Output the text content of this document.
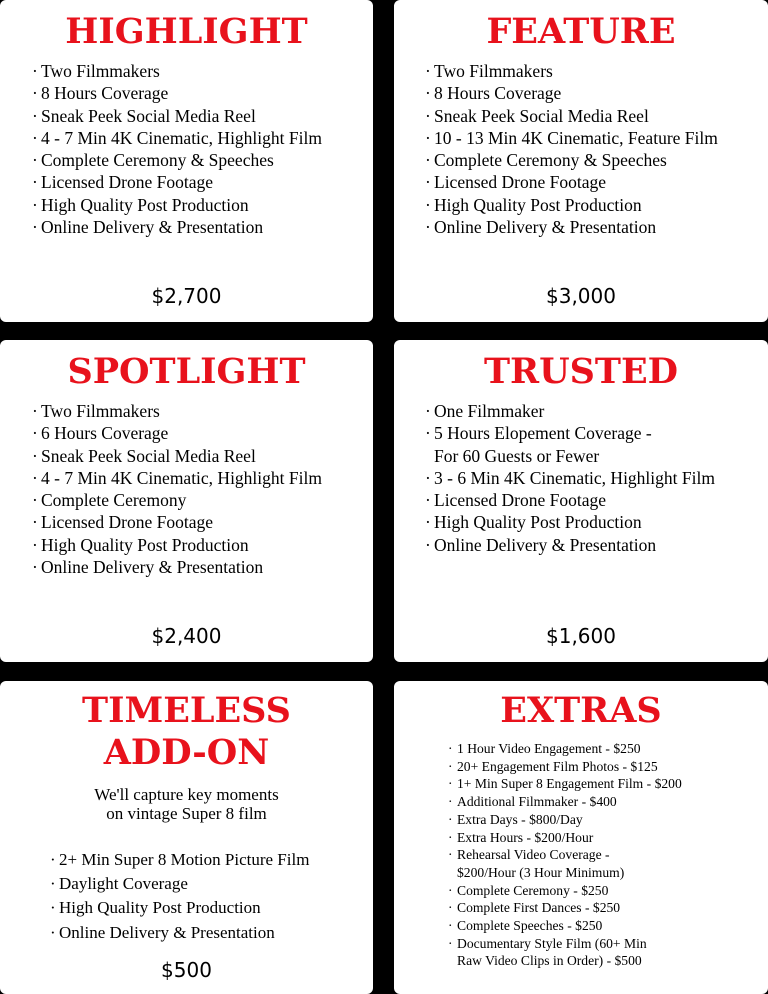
HIGHLIGHT
· Two Filmmakers
· 8 Hours Coverage
· Sneak Peek Social Media Reel
· 4 - 7 Min 4K Cinematic, Highlight Film
· Complete Ceremony & Speeches
· Licensed Drone Footage
· High Quality Post Production
· Online Delivery & Presentation
$2,700
FEATURE
· Two Filmmakers
· 8 Hours Coverage
· Sneak Peek Social Media Reel
· 10 - 13 Min 4K Cinematic, Feature Film
· Complete Ceremony & Speeches
· Licensed Drone Footage
· High Quality Post Production
· Online Delivery & Presentation
$3,000
SPOTLIGHT
· Two Filmmakers
· 6 Hours Coverage
· Sneak Peek Social Media Reel
· 4 - 7 Min 4K Cinematic, Highlight Film
· Complete Ceremony
· Licensed Drone Footage
· High Quality Post Production
· Online Delivery & Presentation
$2,400
TRUSTED
· One Filmmaker
· 5 Hours Elopement Coverage -
For 60 Guests or Fewer
· 3 - 6 Min 4K Cinematic, Highlight Film
· Licensed Drone Footage
· High Quality Post Production
· Online Delivery & Presentation
$1,600
TIMELESS
ADD-ON
We'll capture key moments
on vintage Super 8 film
· 2+ Min Super 8 Motion Picture Film
· Daylight Coverage
· High Quality Post Production
· Online Delivery & Presentation
$500
EXTRAS
· 1 Hour Video Engagement - $250
· 20+ Engagement Film Photos - $125
· 1+ Min Super 8 Engagement Film - $200
· Additional Filmmaker - $400
· Extra Days - $800/Day
· Extra Hours - $200/Hour
· Rehearsal Video Coverage -
$200/Hour (3 Hour Minimum)
· Complete Ceremony - $250
· Complete First Dances - $250
· Complete Speeches - $250
· Documentary Style Film (60+ Min
Raw Video Clips in Order) - $500
